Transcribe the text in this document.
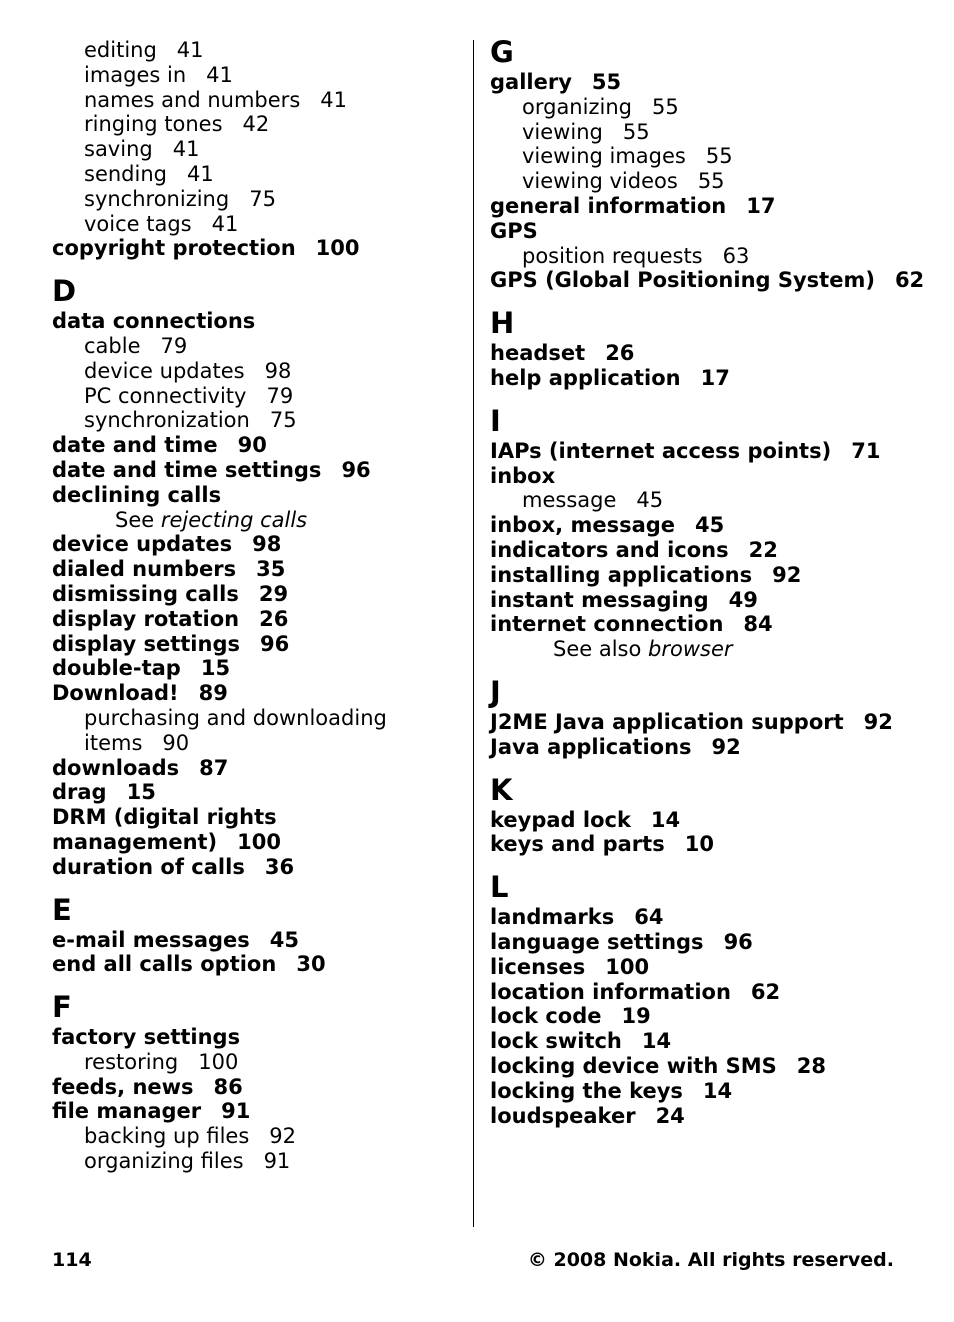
editing 41
images in 41
names and numbers 41
ringing tones 42
saving 41
sending 41
synchronizing 75
voice tags 41
copyright protection 100
D
data connections
cable 79
device updates 98
PC connectivity 79
synchronization 75
date and time 90
date and time settings 96
declining calls
See rejecting calls
device updates 98
dialed numbers 35
dismissing calls 29
display rotation 26
display settings 96
double-tap 15
Download! 89
purchasing and downloading
items 90
downloads 87
drag 15
DRM (digital rights
management) 100
duration of calls 36
E
e-mail messages 45
end all calls option 30
F
factory settings
restoring 100
feeds, news 86
file manager 91
backing up files 92
organizing files 91
G
gallery 55
organizing 55
viewing 55
viewing images 55
viewing videos 55
general information 17
GPS
position requests 63
GPS (Global Positioning System) 62
H
headset 26
help application 17
I
IAPs (internet access points) 71
inbox
message 45
inbox, message 45
indicators and icons 22
installing applications 92
instant messaging 49
internet connection 84
See also browser
J
J2ME Java application support 92
Java applications 92
K
keypad lock 14
keys and parts 10
L
landmarks 64
language settings 96
licenses 100
location information 62
lock code 19
lock switch 14
locking device with SMS 28
locking the keys 14
loudspeaker 24
114	© 2008 Nokia. All rights reserved.
